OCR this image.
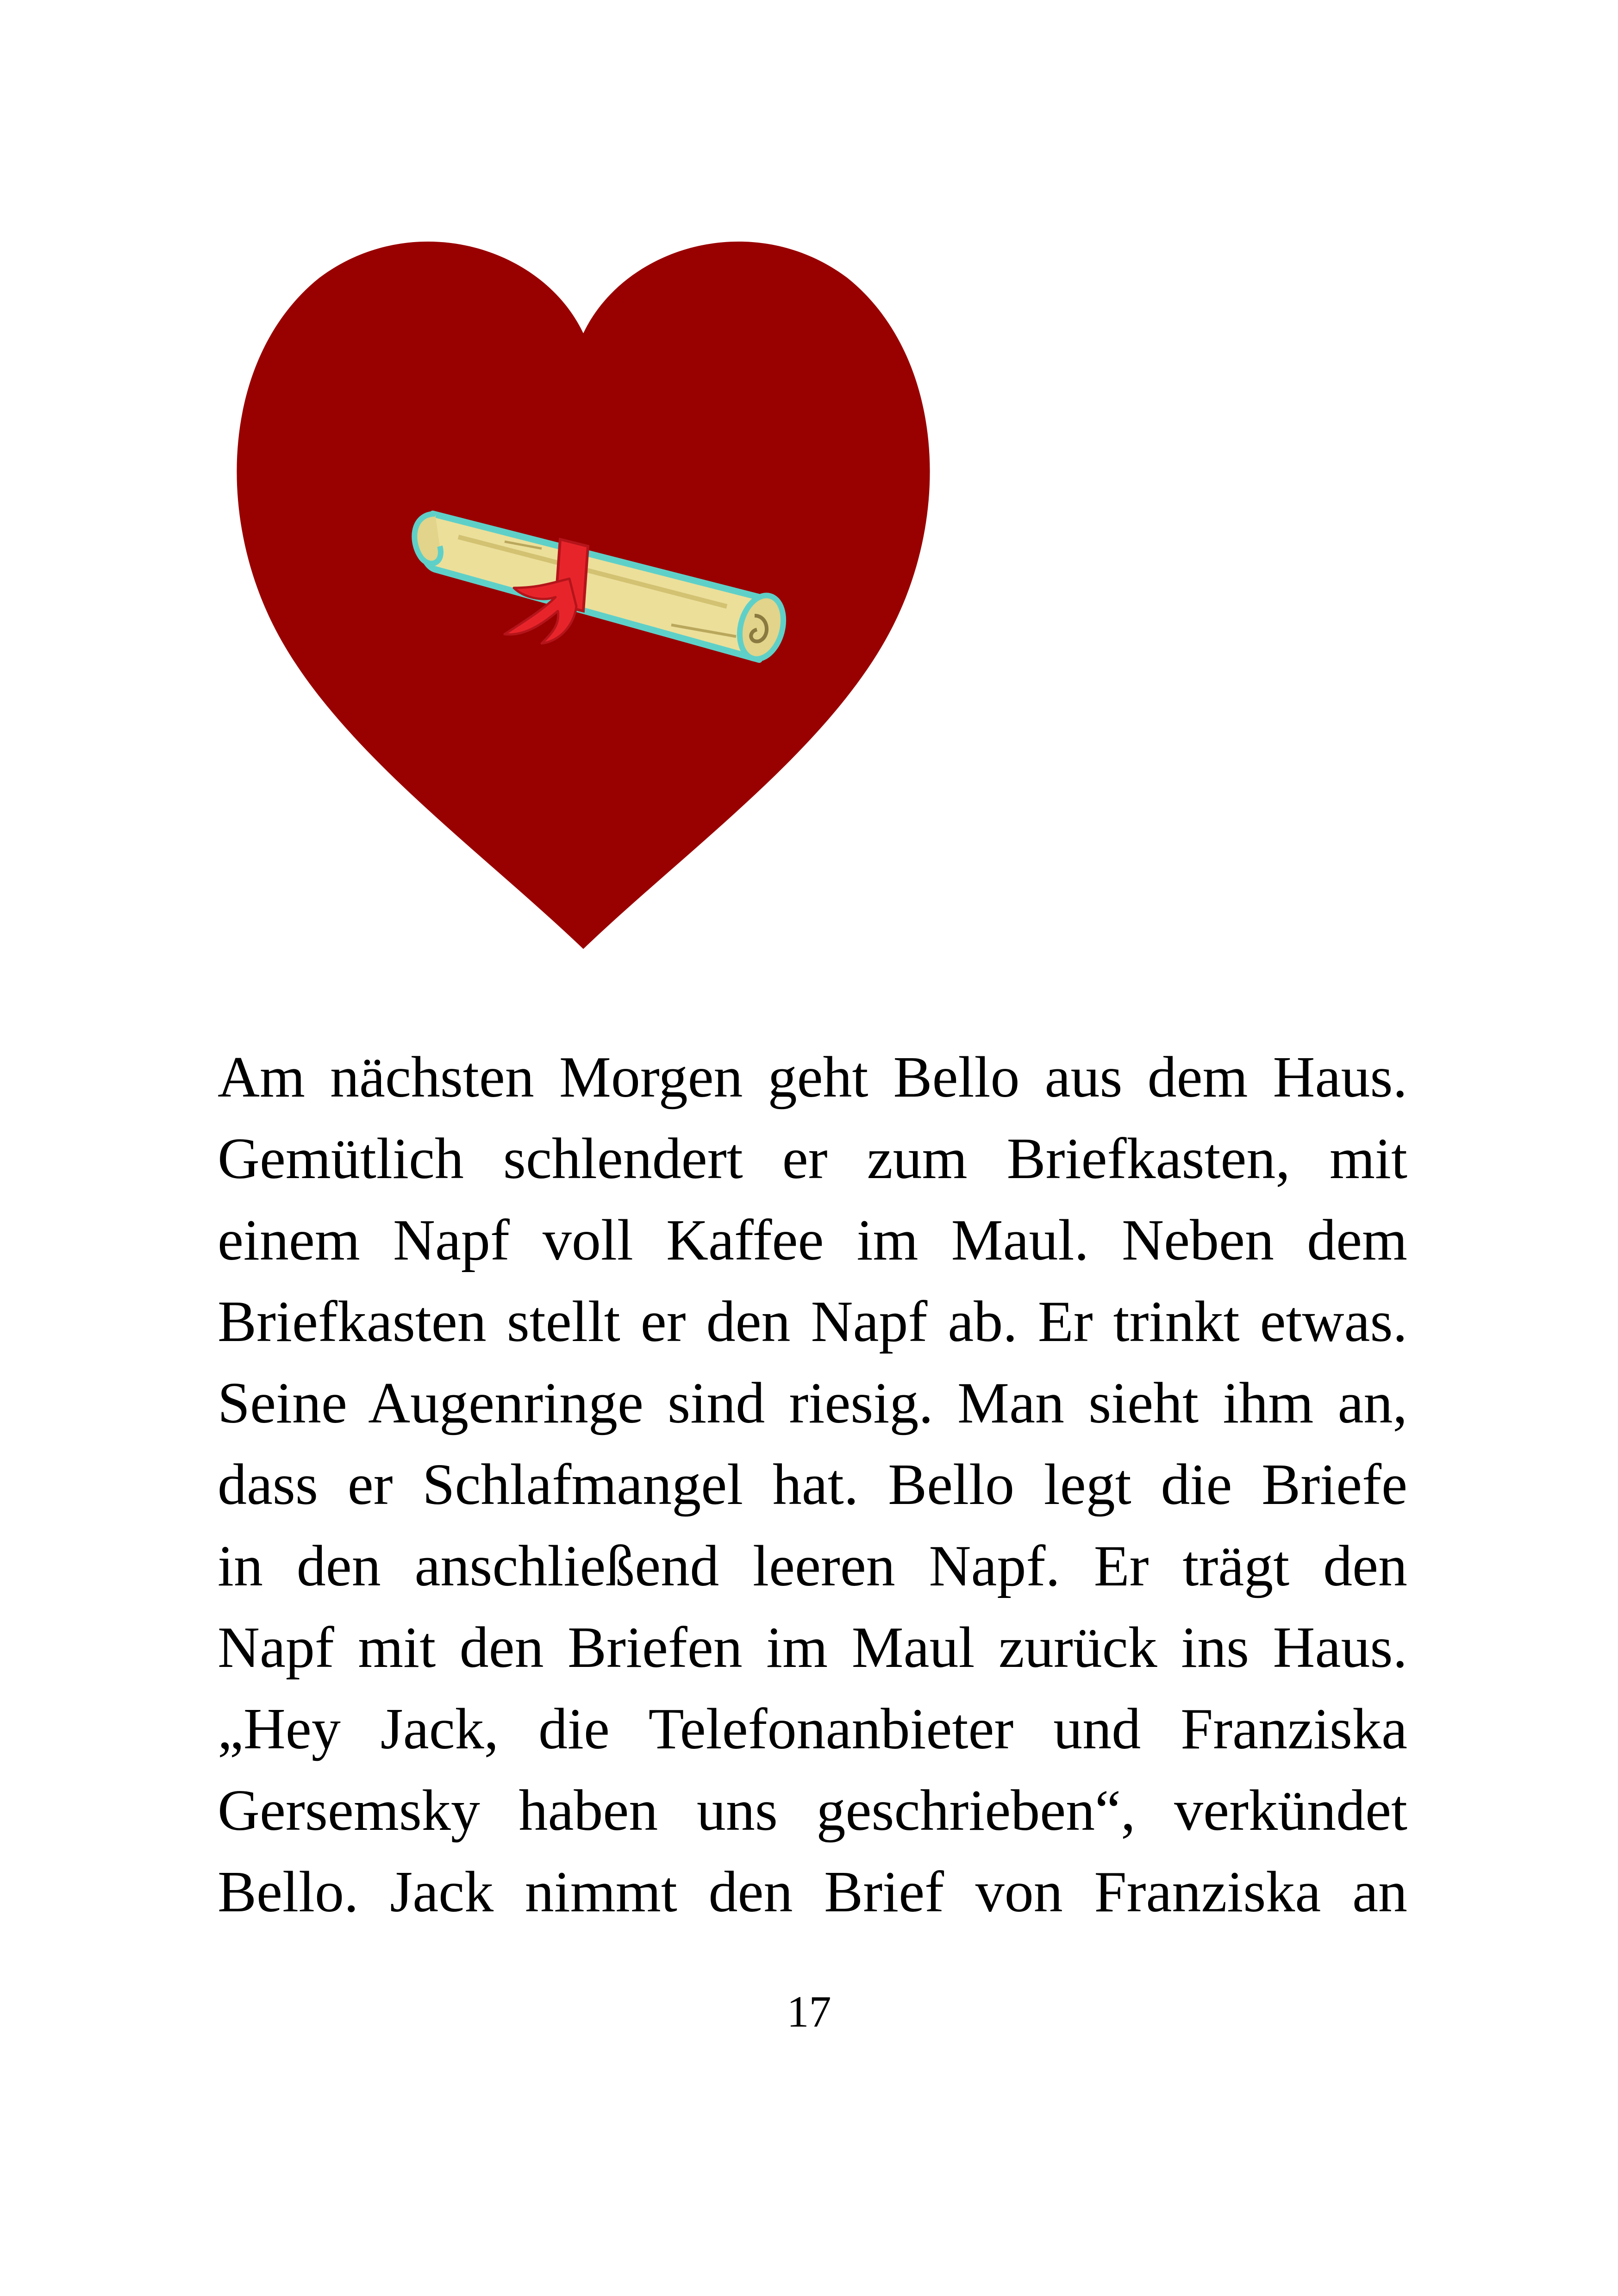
Am nächsten Morgen geht Bello aus dem Haus.
Gemütlich schlendert er zum Briefkasten, mit
einem Napf voll Kaffee im Maul. Neben dem
Briefkasten stellt er den Napf ab. Er trinkt etwas.
Seine Augenringe sind riesig. Man sieht ihm an,
dass er Schlafmangel hat. Bello legt die Briefe
in den anschließend leeren Napf. Er trägt den
Napf mit den Briefen im Maul zurück ins Haus.
„Hey Jack, die Telefonanbieter und Franziska
Gersemsky haben uns geschrieben“, verkündet
Bello. Jack nimmt den Brief von Franziska an
17
